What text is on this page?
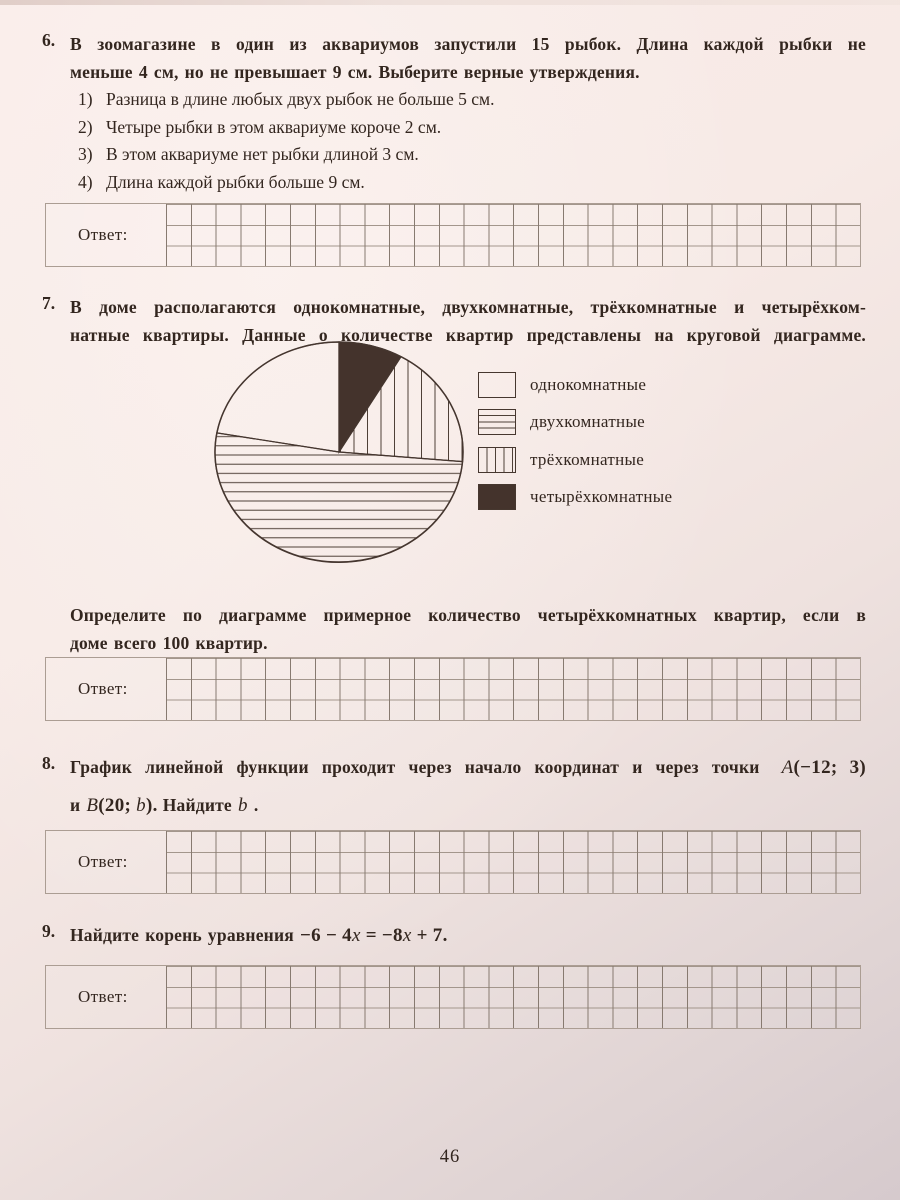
6. В зоомагазине в один из аквариумов запустили 15 рыбок. Длина каждой рыбки не
меньше 4 см, но не превышает 9 см. Выберите верные утверждения.
1) Разница в длине любых двух рыбок не больше 5 см.
2) Четыре рыбки в этом аквариуме короче 2 см.
3) В этом аквариуме нет рыбки длиной 3 см.
4) Длина каждой рыбки больше 9 см.
Ответ:
7. В доме располагаются однокомнатные, двухкомнатные, трёхкомнатные и четырёхком-
натные квартиры. Данные о количестве квартир представлены на круговой диаграмме.
однокомнатные
двухкомнатные
трёхкомнатные
четырёхкомнатные
Определите по диаграмме примерное количество четырёхкомнатных квартир, если в
доме всего 100 квартир.
Ответ:
8. График линейной функции проходит через начало координат и через точки A(−12; 3)
и B(20; b). Найдите b .
Ответ:
9. Найдите корень уравнения −6 − 4x = −8x + 7.
Ответ:
46
